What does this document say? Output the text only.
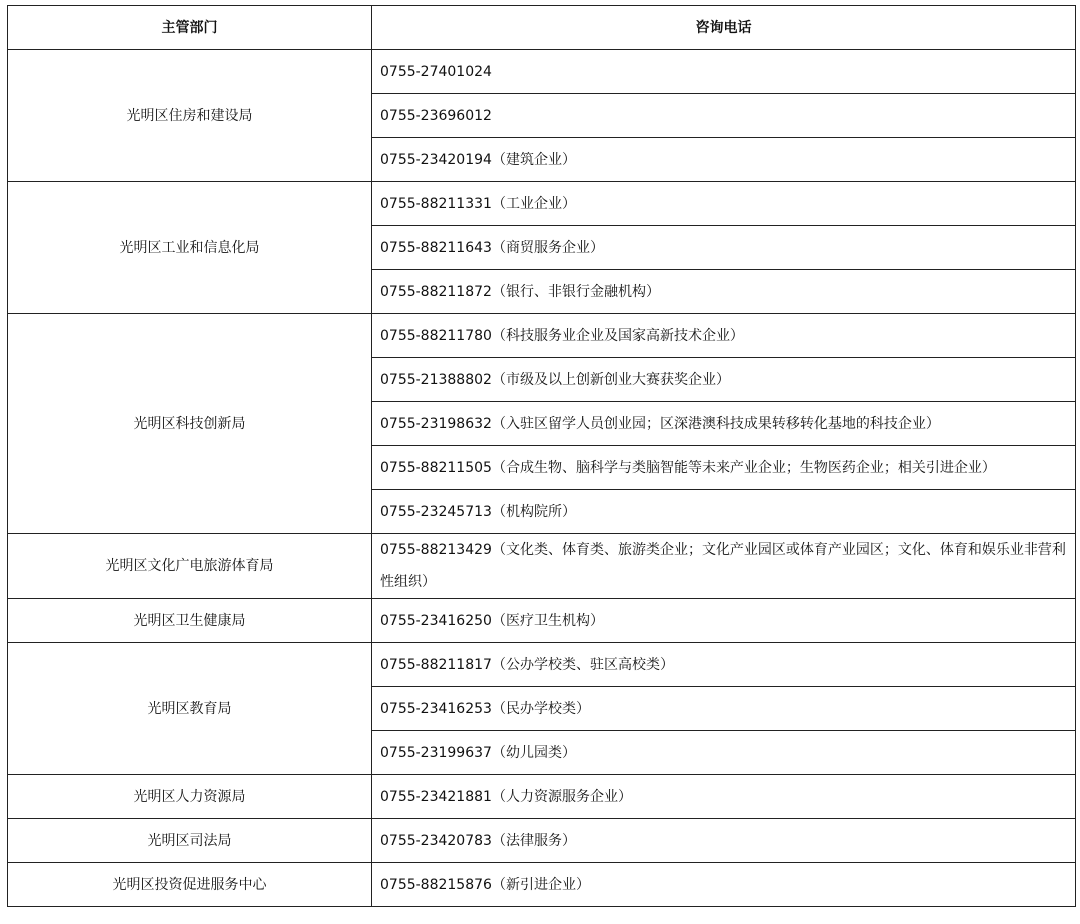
主管部门	咨询电话
光明区住房和建设局	0755-27401024
	0755-23696012
	0755-23420194（建筑企业）
光明区工业和信息化局	0755-88211331（工业企业）
	0755-88211643（商贸服务企业）
	0755-88211872（银行、非银行金融机构）
光明区科技创新局	0755-88211780（科技服务业企业及国家高新技术企业）
	0755-21388802（市级及以上创新创业大赛获奖企业）
	0755-23198632（入驻区留学人员创业园；区深港澳科技成果转移转化基地的科技企业）
	0755-88211505（合成生物、脑科学与类脑智能等未来产业企业；生物医药企业；相关引进企业）
	0755-23245713（机构院所）
光明区文化广电旅游体育局	0755-88213429（文化类、体育类、旅游类企业；文化产业园区或体育产业园区；文化、体育和娱乐业非营利性组织）
光明区卫生健康局	0755-23416250（医疗卫生机构）
光明区教育局	0755-88211817（公办学校类、驻区高校类）
	0755-23416253（民办学校类）
	0755-23199637（幼儿园类）
光明区人力资源局	0755-23421881（人力资源服务企业）
光明区司法局	0755-23420783（法律服务）
光明区投资促进服务中心	0755-88215876（新引进企业）
